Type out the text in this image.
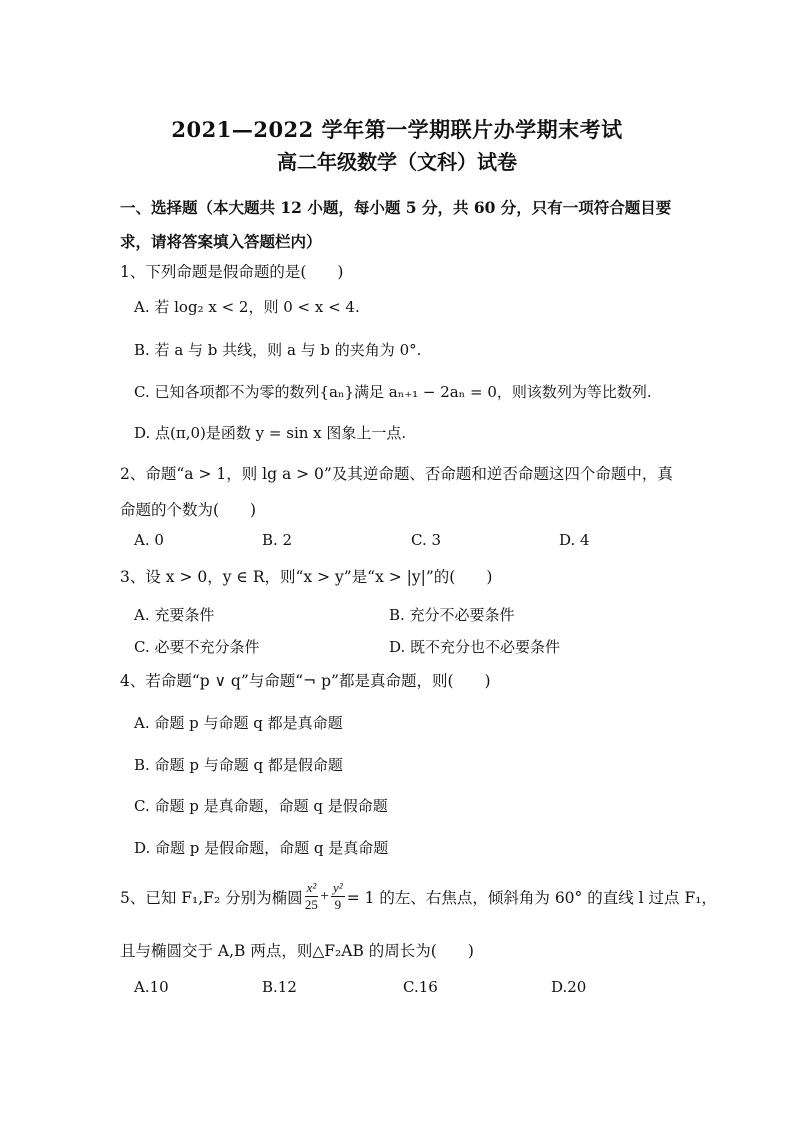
2021—2022 学年第一学期联片办学期末考试
高二年级数学（文科）试卷
一、选择题（本大题共 12 小题，每小题 5 分，共 60 分，只有一项符合题目要求，请将答案填入答题栏内）
1、下列命题是假命题的是(　　)
A. 若 log₂ x < 2，则 0 < x < 4.
B. 若 a 与 b 共线，则 a 与 b 的夹角为 0°.
C. 已知各项都不为零的数列{aₙ}满足 aₙ₊₁ − 2aₙ = 0，则该数列为等比数列.
D. 点(π,0)是函数 y = sin x 图象上一点.
2、命题“a > 1，则 lg a > 0”及其逆命题、否命题和逆否命题这四个命题中，真
命题的个数为(　　)
A. 0	B. 2	C. 3	D. 4
3、设 x > 0，y ∈ R，则“x > y”是“x > |y|”的(　　)
A. 充要条件	B. 充分不必要条件
C. 必要不充分条件	D. 既不充分也不必要条件
4、若命题“p ∨ q”与命题“¬ p”都是真命题，则(　　)
A. 命题 p 与命题 q 都是真命题
B. 命题 p 与命题 q 都是假命题
C. 命题 p 是真命题，命题 q 是假命题
D. 命题 p 是假命题，命题 q 是真命题
5、已知 F₁,F₂ 分别为椭圆 $\frac{\text{x²}}{25} + \frac{\text{y²}}{9} = 1$ 的左、右焦点，倾斜角为 60° 的直线 l 过点 F₁，
且与椭圆交于 A,B 两点，则△F₂AB 的周长为(　　)
A.10	B.12	C.16	D.20
